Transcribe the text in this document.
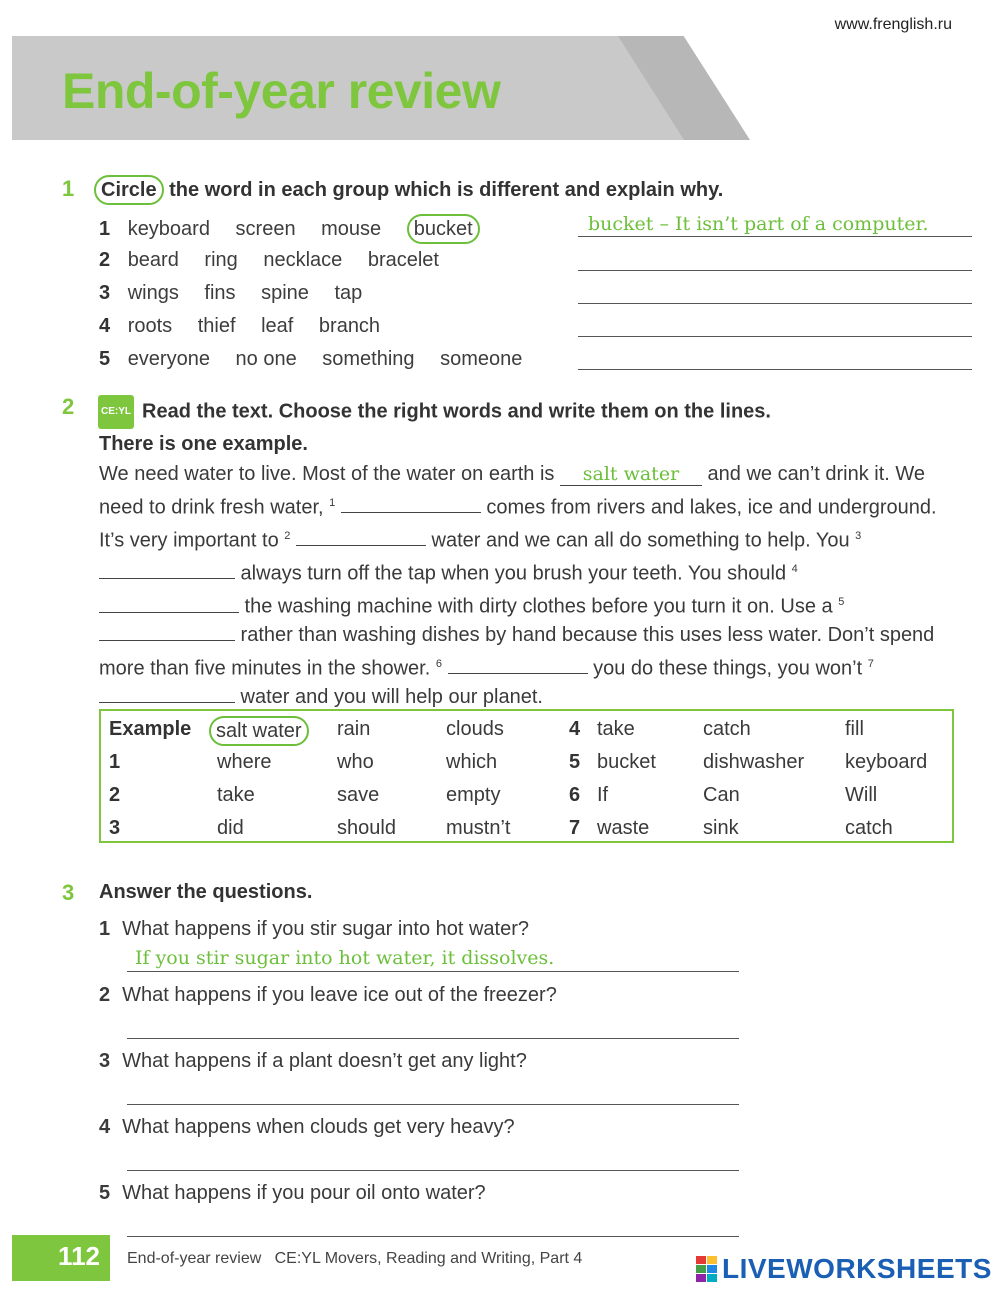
www.frenglish.ru
End-of-year review
1	Circle the word in each group which is different and explain why.
1 keyboard screen mouse bucket
2 beard ring necklace bracelet
3 wings fins spine tap
4 roots thief leaf branch
5 everyone no one something someone
bucket – It isn’t part of a computer.
2	CE:YL Read the text. Choose the right words and write them on the lines.
There is one example.
We need water to live. Most of the water on earth is salt water and we can’t drink it. We need to drink fresh water, $^1$	comes from rivers and lakes, ice and underground. It’s very important to $^2$	water and we can all do something to help. You $^3$  always turn off the tap when you brush your teeth. You should $^4$  the washing machine with dirty clothes before you turn it on. Use a $^5$  rather than washing dishes by hand because this uses less water. Don’t spend more than five minutes in the shower. $^6$	you do these things, you won’t $^7$  water and you will help our planet.
Example	salt water	rain	clouds
1	where	who	which
2	take	save	empty
3	did	should	mustn’t
4 take	catch	fill
5 bucket dishwasher keyboard
6 If	Can	Will
7 waste	sink	catch
3 Answer the questions.
1 What happens if you stir sugar into hot water?
If you stir sugar into hot water, it dissolves.
2 What happens if you leave ice out of the freezer?
3 What happens if a plant doesn’t get any light?
4 What happens when clouds get very heavy?
5 What happens if you pour oil onto water?
112	End-of-year review   CE:YL Movers, Reading and Writing, Part 4	LIVEWORKSHEETS
